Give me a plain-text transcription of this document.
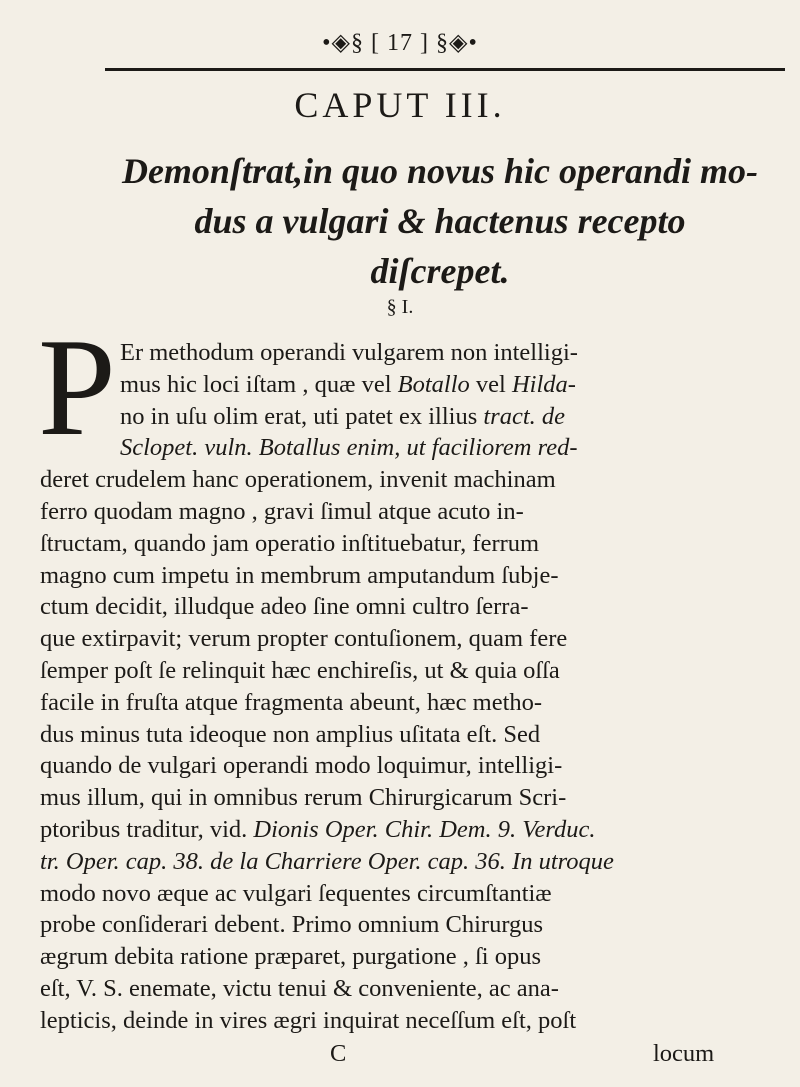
•◈§ [ 17 ] §◈•
CAPUT III.
Demonſtrat,in quo novus hic operandi mo-
dus a vulgari & hactenus recepto
diſcrepet.
§ I.
P Er methodum operandi vulgarem non intelligi-
mus hic loci iſtam , quæ vel Botallo vel Hilda-
no in uſu olim erat, uti patet ex illius tract. de
Sclopet. vuln. Botallus enim, ut faciliorem red-
deret crudelem hanc operationem, invenit machinam
ferro quodam magno , gravi ſimul atque acuto in-
ſtructam, quando jam operatio inſtituebatur, ferrum
magno cum impetu in membrum amputandum ſubje-
ctum decidit, illudque adeo ſine omni cultro ſerra-
que extirpavit; verum propter contuſionem, quam fere
ſemper poſt ſe relinquit hæc enchireſis, ut & quia oſſa
facile in fruſta atque fragmenta abeunt, hæc metho-
dus minus tuta ideoque non amplius uſitata eſt. Sed
quando de vulgari operandi modo loquimur, intelligi-
mus illum, qui in omnibus rerum Chirurgicarum Scri-
ptoribus traditur, vid. Dionis Oper. Chir. Dem. 9. Verduc.
tr. Oper. cap. 38. de la Charriere Oper. cap. 36. In utroque
modo novo æque ac vulgari ſequentes circumſtantiæ
probe conſiderari debent. Primo omnium Chirurgus
ægrum debita ratione præparet, purgatione , ſi opus
eſt, V. S. enemate, victu tenui & conveniente, ac ana-
lepticis, deinde in vires ægri inquirat neceſſum eſt, poſt
C	locum
